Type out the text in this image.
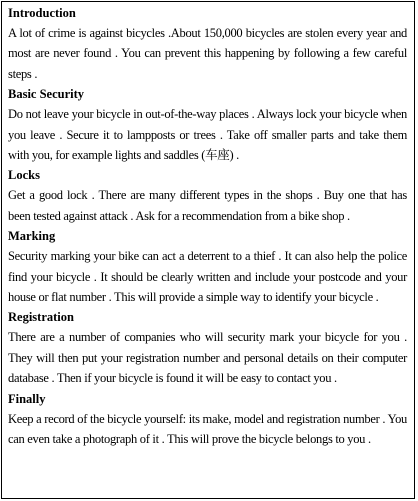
Introduction
A lot of crime is against bicycles .About 150,000 bicycles are stolen every year and most are never found . You can prevent this happening by following a few careful steps .
Basic Security
Do not leave your bicycle in out-of-the-way places . Always lock your bicycle when you leave . Secure it to lampposts or trees . Take off smaller parts and take them with you, for example lights and saddles (车座) .
Locks
Get a good lock . There are many different types in the shops . Buy one that has been tested against attack . Ask for a recommendation from a bike shop .
Marking
Security marking your bike can act a deterrent to a thief . It can also help the police find your bicycle . It should be clearly written and include your postcode and your house or flat number . This will provide a simple way to identify your bicycle .
Registration
There are a number of companies who will security mark your bicycle for you . They will then put your registration number and personal details on their computer database . Then if your bicycle is found it will be easy to contact you .
Finally
Keep a record of the bicycle yourself: its make, model and registration number . You can even take a photograph of it . This will prove the bicycle belongs to you .
